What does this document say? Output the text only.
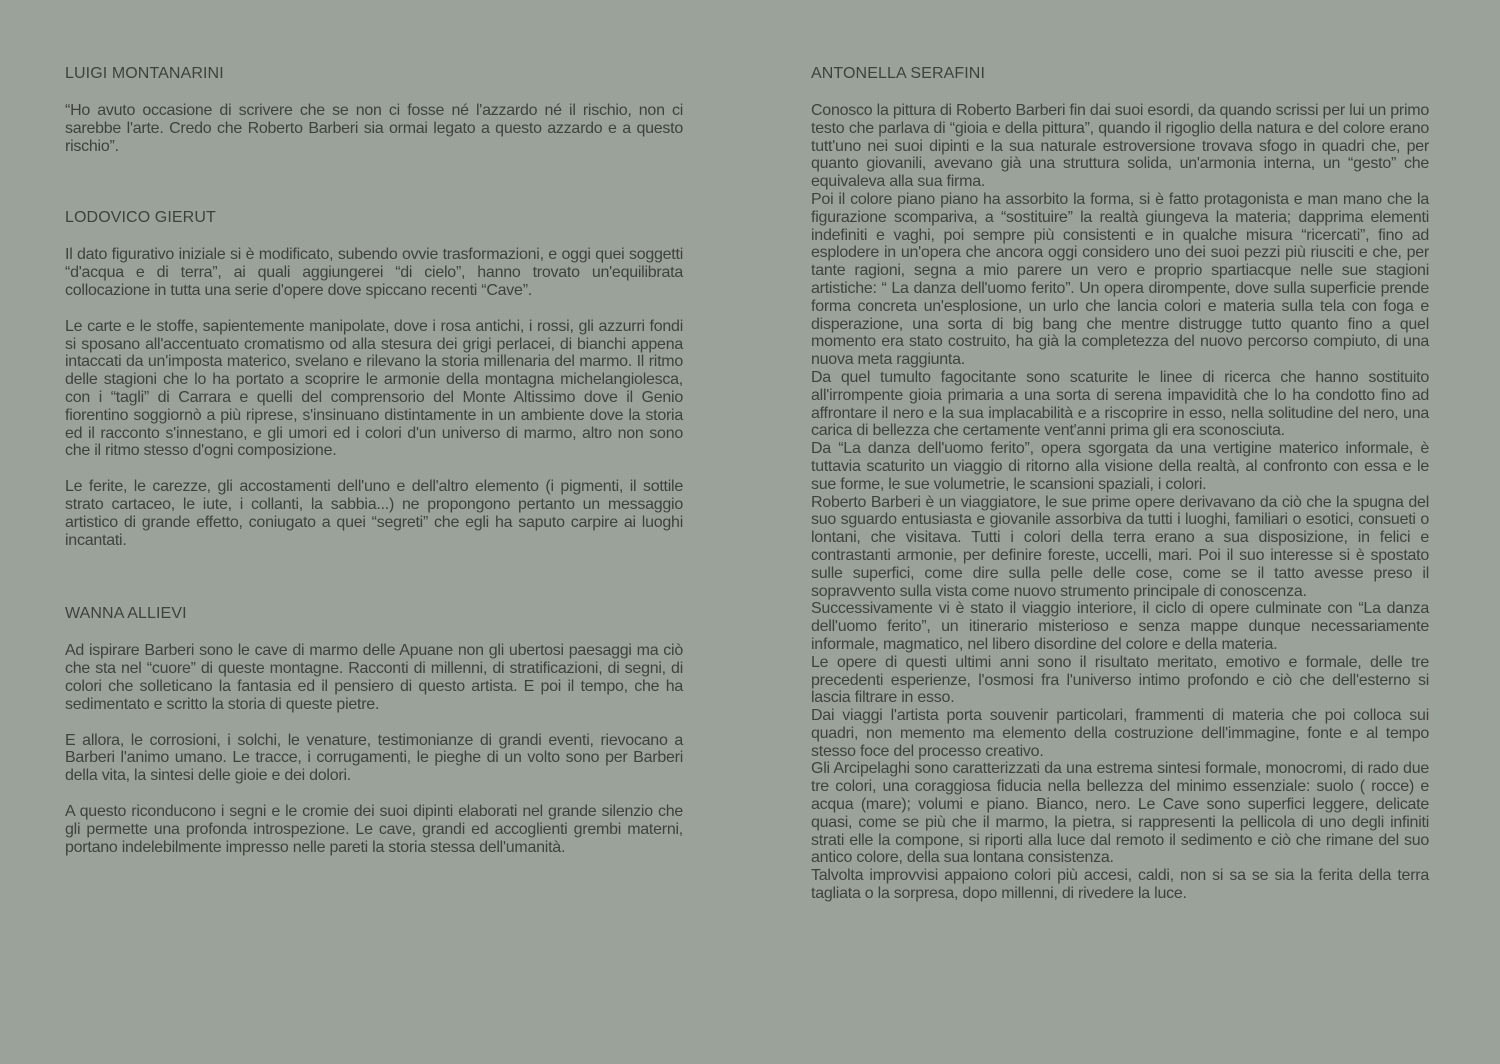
LUIGI MONTANARINI

“Ho avuto occasione di scrivere che se non ci fosse né l'azzardo né il rischio, non ci sarebbe l'arte. Credo che Roberto Barberi sia ormai legato a questo azzardo e a questo rischio”.

LODOVICO GIERUT

Il dato figurativo iniziale si è modificato, subendo ovvie trasformazioni, e oggi quei soggetti “d'acqua e di terra”, ai quali aggiungerei “di cielo”, hanno trovato un'equilibrata collocazione in tutta una serie d'opere dove spiccano recenti “Cave”.

Le carte e le stoffe, sapientemente manipolate, dove i rosa antichi, i rossi, gli azzurri fondi si sposano all'accentuato cromatismo od alla stesura dei grigi perlacei, di bianchi appena intaccati da un'imposta materico, svelano e rilevano la storia millenaria del marmo. Il ritmo delle stagioni che lo ha portato a scoprire le armonie della montagna michelangiolesca, con i “tagli” di Carrara e quelli del comprensorio del Monte Altissimo dove il Genio fiorentino soggiornò a più riprese, s'insinuano distintamente in un ambiente dove la storia ed il racconto s'innestano, e gli umori ed i colori d'un universo di marmo, altro non sono che il ritmo stesso d'ogni composizione.

Le ferite, le carezze, gli accostamenti dell'uno e dell'altro elemento (i pigmenti, il sottile strato cartaceo, le iute, i collanti, la sabbia...) ne propongono pertanto un messaggio artistico di grande effetto, coniugato a quei “segreti” che egli ha saputo carpire ai luoghi incantati.

WANNA ALLIEVI

Ad ispirare Barberi sono le cave di marmo delle Apuane non gli ubertosi paesaggi ma ciò che sta nel “cuore” di queste montagne. Racconti di millenni, di stratificazioni, di segni, di colori che solleticano la fantasia ed il pensiero di questo artista. E poi il tempo, che ha sedimentato e scritto la storia di queste pietre.

E allora, le corrosioni, i solchi, le venature, testimonianze di grandi eventi, rievocano a Barberi l'animo umano. Le tracce, i corrugamenti, le pieghe di un volto sono per Barberi della vita, la sintesi delle gioie e dei dolori.

A questo riconducono i segni e le cromie dei suoi dipinti elaborati nel grande silenzio che gli permette una profonda introspezione. Le cave, grandi ed accoglienti grembi materni, portano indelebilmente impresso nelle pareti la storia stessa dell'umanità.

ANTONELLA SERAFINI

Conosco la pittura di Roberto Barberi fin dai suoi esordi, da quando scrissi per lui un primo testo che parlava di “gioia e della pittura”, quando il rigoglio della natura e del colore erano tutt'uno nei suoi dipinti e la sua naturale estroversione trovava sfogo in quadri che, per quanto giovanili, avevano già una struttura solida, un'armonia interna, un “gesto” che equivaleva alla sua firma.

Poi il colore piano piano ha assorbito la forma, si è fatto protagonista e man mano che la figurazione scompariva, a “sostituire” la realtà giungeva la materia; dapprima elementi indefiniti e vaghi, poi sempre più consistenti e in qualche misura “ricercati”, fino ad esplodere in un'opera che ancora oggi considero uno dei suoi pezzi più riusciti e che, per tante ragioni, segna a mio parere un vero e proprio spartiacque nelle sue stagioni artistiche: “ La danza dell'uomo ferito”. Un opera dirompente, dove sulla superficie prende forma concreta un'esplosione, un urlo che lancia colori e materia sulla tela con foga e disperazione, una sorta di big bang che mentre distrugge tutto quanto fino a quel momento era stato costruito, ha già la completezza del nuovo percorso compiuto, di una nuova meta raggiunta.

Da quel tumulto fagocitante sono scaturite le linee di ricerca che hanno sostituito all'irrompente gioia primaria a una sorta di serena impavidità che lo ha condotto fino ad affrontare il nero e la sua implacabilità e a riscoprire in esso, nella solitudine del nero, una carica di bellezza che certamente vent'anni prima gli era sconosciuta.

Da “La danza dell'uomo ferito”, opera sgorgata da una vertigine materico informale, è tuttavia scaturito un viaggio di ritorno alla visione della realtà, al confronto con essa e le sue forme, le sue volumetrie, le scansioni spaziali, i colori.

Roberto Barberi è un viaggiatore, le sue prime opere derivavano da ciò che la spugna del suo sguardo entusiasta e giovanile assorbiva da tutti i luoghi, familiari o esotici, consueti o lontani, che visitava. Tutti i colori della terra erano a sua disposizione, in felici e contrastanti armonie, per definire foreste, uccelli, mari. Poi il suo interesse si è spostato sulle superfici, come dire sulla pelle delle cose, come se il tatto avesse preso il sopravvento sulla vista come nuovo strumento principale di conoscenza.

Successivamente vi è stato il viaggio interiore, il ciclo di opere culminate con “La danza dell'uomo ferito”, un itinerario misterioso e senza mappe dunque necessariamente informale, magmatico, nel libero disordine del colore e della materia.

Le opere di questi ultimi anni sono il risultato meritato, emotivo e formale, delle tre precedenti esperienze, l'osmosi fra l'universo intimo profondo e ciò che dell'esterno si lascia filtrare in esso.

Dai viaggi l'artista porta souvenir particolari, frammenti di materia che poi colloca sui quadri, non memento ma elemento della costruzione dell'immagine, fonte e al tempo stesso foce del processo creativo.

Gli Arcipelaghi sono caratterizzati da una estrema sintesi formale, monocromi, di rado due tre colori, una coraggiosa fiducia nella bellezza del minimo essenziale: suolo ( rocce) e acqua (mare); volumi e piano. Bianco, nero. Le Cave sono superfici leggere, delicate quasi, come se più che il marmo, la pietra, si rappresenti la pellicola di uno degli infiniti strati elle la compone, si riporti alla luce dal remoto il sedimento e ciò che rimane del suo antico colore, della sua lontana consistenza.

Talvolta improvvisi appaiono colori più accesi, caldi, non si sa se sia la ferita della terra tagliata o la sorpresa, dopo millenni, di rivedere la luce.
